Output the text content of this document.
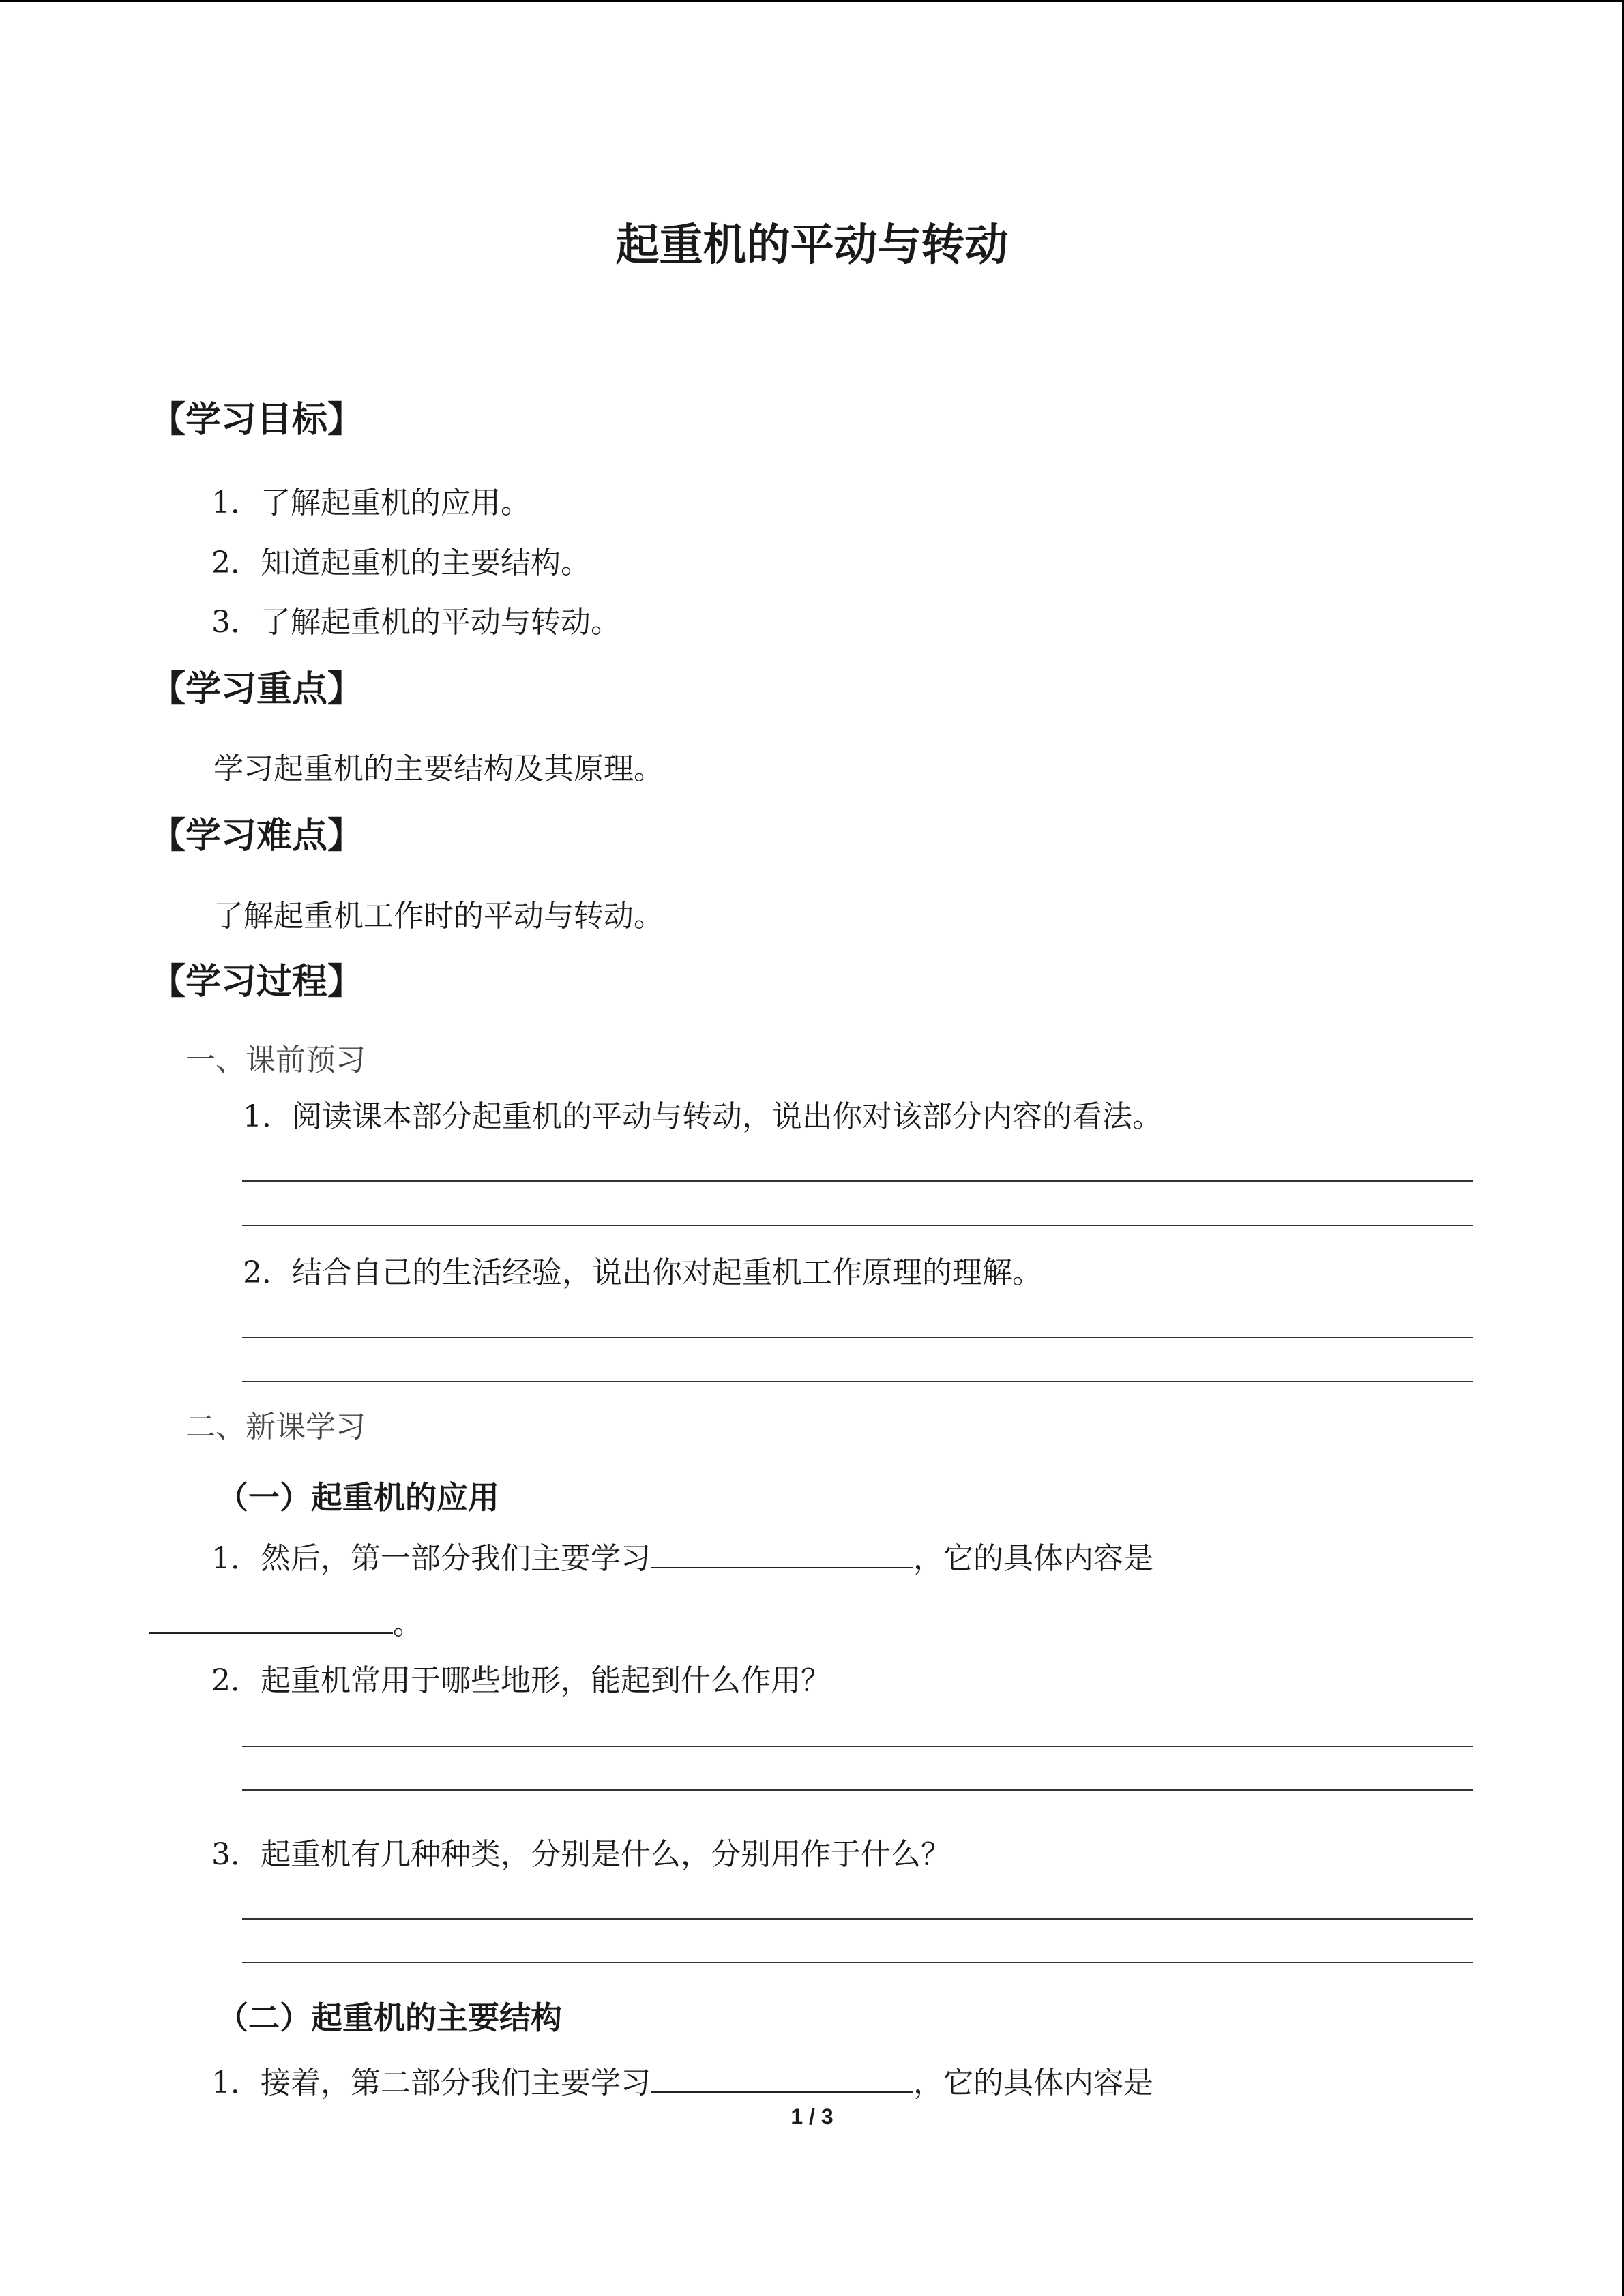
起重机的平动与转动
【学习目标】
1．了解起重机的应用。
2．知道起重机的主要结构。
3．了解起重机的平动与转动。
【学习重点】
学习起重机的主要结构及其原理。
【学习难点】
了解起重机工作时的平动与转动。
【学习过程】
一、课前预习
1．阅读课本部分起重机的平动与转动，说出你对该部分内容的看法。
2．结合自己的生活经验，说出你对起重机工作原理的理解。
二、新课学习
（一）起重机的应用
1．然后，第一部分我们主要学习	，它的具体内容是
。
2．起重机常用于哪些地形，能起到什么作用？
3．起重机有几种种类，分别是什么，分别用作于什么？
（二）起重机的主要结构
1．接着，第二部分我们主要学习	，它的具体内容是
1 / 3
